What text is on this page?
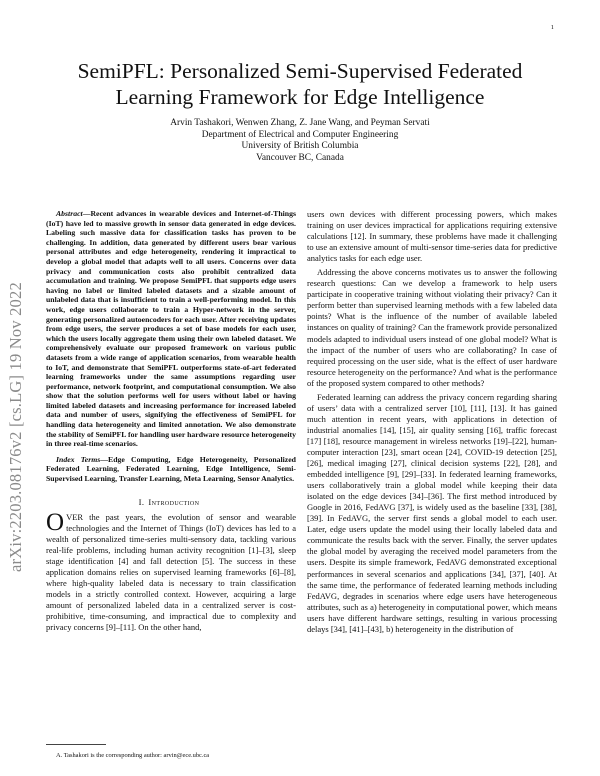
1
arXiv:2203.08176v2 [cs.LG] 19 Nov 2022
SemiPFL: Personalized Semi-Supervised Federated Learning Framework for Edge Intelligence
Arvin Tashakori, Wenwen Zhang, Z. Jane Wang, and Peyman Servati
Department of Electrical and Computer Engineering
University of British Columbia
Vancouver BC, Canada

Abstract—Recent advances in wearable devices and Internet-of-Things (IoT) have led to massive growth in sensor data generated in edge devices. Labeling such massive data for classification tasks has proven to be challenging. In addition, data generated by different users bear various personal attributes and edge heterogeneity, rendering it impractical to develop a global model that adapts well to all users. Concerns over data privacy and communication costs also prohibit centralized data accumulation and training. We propose SemiPFL that supports edge users having no label or limited labeled datasets and a sizable amount of unlabeled data that is insufficient to train a well-performing model. In this work, edge users collaborate to train a Hyper-network in the server, generating personalized autoencoders for each user. After receiving updates from edge users, the server produces a set of base models for each user, which the users locally aggregate them using their own labeled dataset. We comprehensively evaluate our proposed framework on various public datasets from a wide range of application scenarios, from wearable health to IoT, and demonstrate that SemiPFL outperforms state-of-art federated learning frameworks under the same assumptions regarding user performance, network footprint, and computational consumption. We also show that the solution performs well for users without label or having limited labeled datasets and increasing performance for increased labeled data and number of users, signifying the effectiveness of SemiPFL for handling data heterogeneity and limited annotation. We also demonstrate the stability of SemiPFL for handling user hardware resource heterogeneity in three real-time scenarios.

Index Terms—Edge Computing, Edge Heterogeneity, Personalized Federated Learning, Federated Learning, Edge Intelligence, Semi-Supervised Learning, Transfer Learning, Meta Learning, Sensor Analytics.

I. Introduction

OVER the past years, the evolution of sensor and wearable technologies and the Internet of Things (IoT) devices has led to a wealth of personalized time-series multi-sensory data, tackling various real-life problems, including human activity recognition [1]–[3], sleep stage identification [4] and fall detection [5]. The success in these application domains relies on supervised learning frameworks [6]–[8], where high-quality labeled data is necessary to train classification models in a strictly controlled context. However, acquiring a large amount of personalized labeled data in a centralized server is cost-prohibitive, time-consuming, and impractical due to complexity and privacy concerns [9]–[11]. On the other hand,

users own devices with different processing powers, which makes training on user devices impractical for applications requiring extensive calculations [12]. In summary, these problems have made it challenging to use an extensive amount of multi-sensor time-series data for predictive analytics tasks for each edge user.

Addressing the above concerns motivates us to answer the following research questions: Can we develop a framework to help users participate in cooperative training without violating their privacy? Can it perform better than supervised learning methods with a few labeled data points? What is the influence of the number of available labeled instances on quality of training? Can the framework provide personalized models adapted to individual users instead of one global model? What is the impact of the number of users who are collaborating? In case of required processing on the user side, what is the effect of user hardware resource heterogeneity on the performance? And what is the performance of the proposed system compared to other methods?

Federated learning can address the privacy concern regarding sharing of users’ data with a centralized server [10], [11], [13]. It has gained much attention in recent years, with applications in detection of industrial anomalies [14], [15], air quality sensing [16], traffic forecast [17] [18], resource management in wireless networks [19]–[22], human-computer interaction [23], smart ocean [24], COVID-19 detection [25], [26], medical imaging [27], clinical decision systems [22], [28], and embedded intelligence [9], [29]–[33]. In federated learning frameworks, users collaboratively train a global model while keeping their data isolated on the edge devices [34]–[36]. The first method introduced by Google in 2016, FedAVG [37], is widely used as the baseline [33], [38], [39]. In FedAVG, the server first sends a global model to each user. Later, edge users update the model using their locally labeled data and communicate the results back with the server. Finally, the server updates the global model by averaging the received model parameters from the users. Despite its simple framework, FedAVG demonstrated exceptional performances in several scenarios and applications [34], [37], [40]. At the same time, the performance of federated learning methods including FedAVG, degrades in scenarios where edge users have heterogeneous attributes, such as a) heterogeneity in computational power, which means users have different hardware settings, resulting in various processing delays [34], [41]–[43], b) heterogeneity in the distribution of

A. Tashakori is the corresponding author: arvin@ece.ubc.ca
